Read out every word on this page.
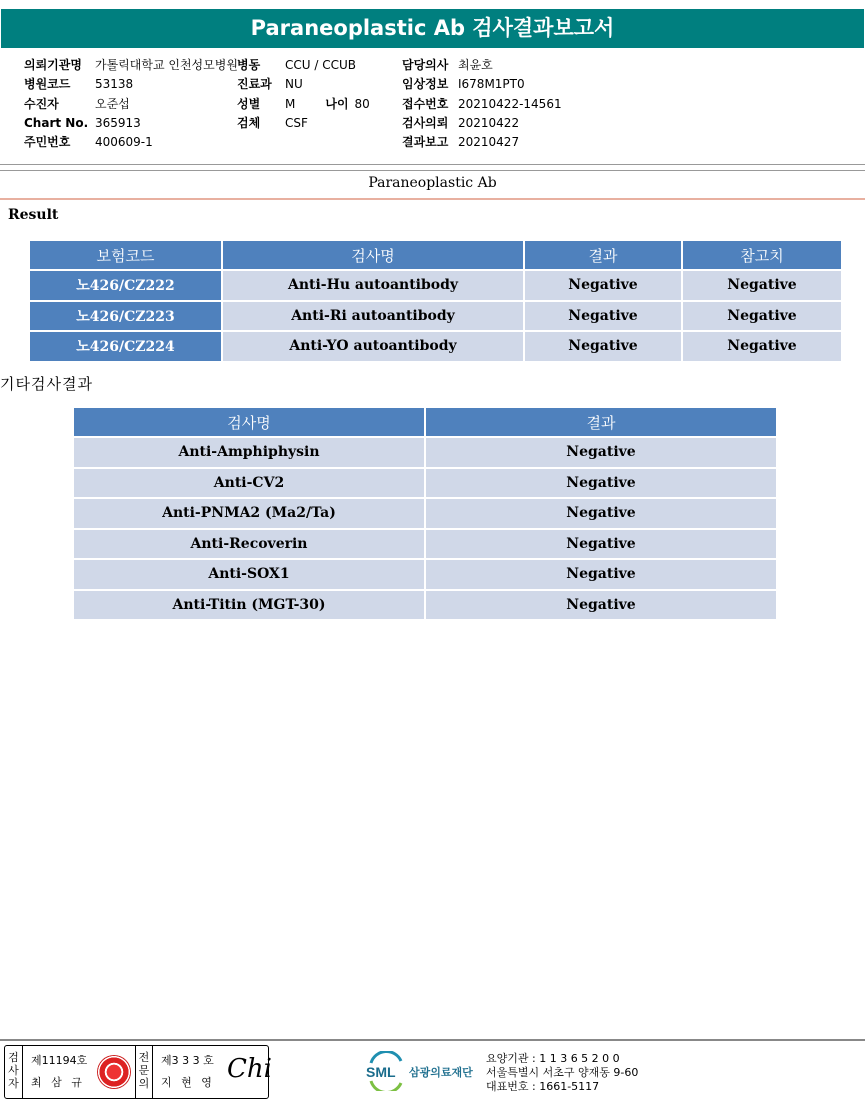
Paraneoplastic Ab 검사결과보고서
의뢰기관명 가톨릭대학교 인천성모병원
병원코드 53138
수진자	오준섭
Chart No. 365913
주민번호 400609-1
병동 CCU / CCUB
진료과 NU
성별 M	나이 80
검체 CSF
담당의사 최윤호
임상정보 I678M1PT0
접수번호 20210422-14561
검사의뢰 20210422
결과보고 20210427
Paraneoplastic Ab
Result
보험코드	검사명	결과	참고치
노426/CZ222	Anti-Hu autoantibody	Negative	Negative
노426/CZ223	Anti-Ri autoantibody	Negative	Negative
노426/CZ224	Anti-YO autoantibody	Negative	Negative
기타검사결과
검사명	결과
Anti-Amphiphysin	Negative
Anti-CV2	Negative
Anti-PNMA2 (Ma2/Ta)	Negative
Anti-Recoverin	Negative
Anti-SOX1	Negative
Anti-Titin (MGT-30)	Negative
검사자
제11194호
최 삼 규
전문의
제3 3 3 호
지 현 영 Chi	SML 삼광의료재단
요양기관 : 1 1 3 6 5 2 0 0
서울특별시 서초구 양재동 9-60
대표번호 : 1661-5117
